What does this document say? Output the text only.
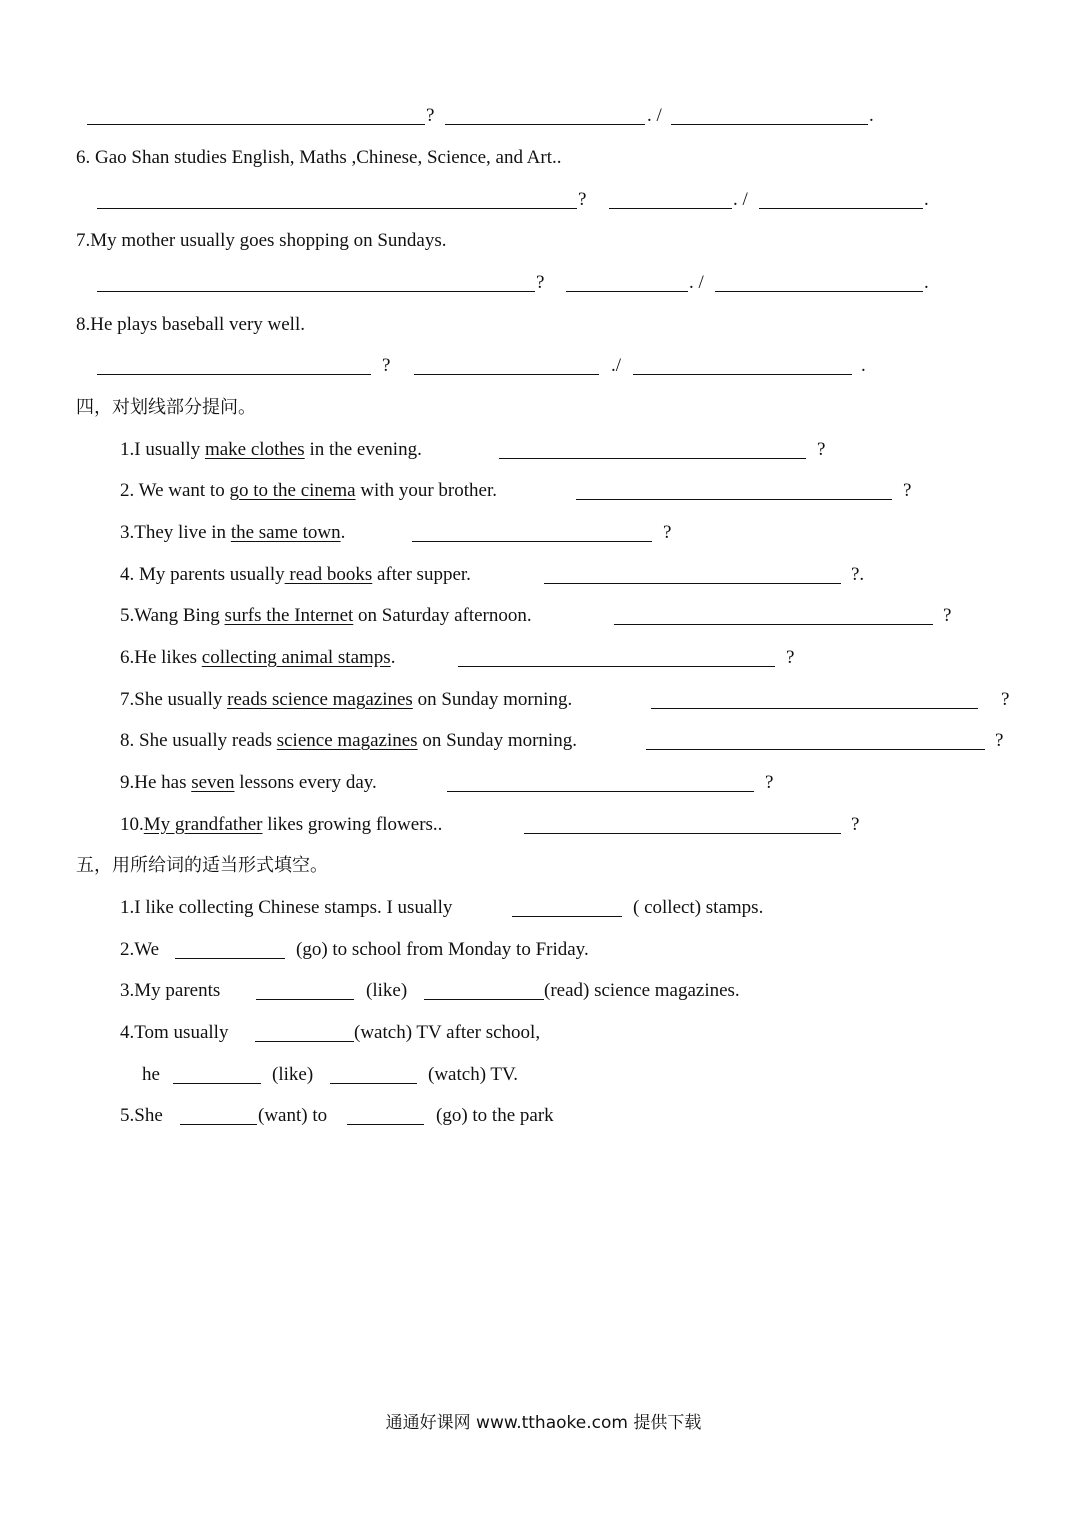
?	. /	.
6. Gao Shan studies English, Maths ,Chinese, Science, and Art..
?	. /	.
7.My mother usually goes shopping on Sundays.
?	. /	.
8.He plays baseball very well.
?	./	.
四，对划线部分提问。
1.I usually make clothes in the evening.	?
2. We want to go to the cinema with your brother.	?
3.They live in the same town.	?
4. My parents usually read books after supper.	?.
5.Wang Bing surfs the Internet on Saturday afternoon.	?
6.He likes collecting animal stamps.	?
7.She usually reads science magazines on Sunday morning.	?
8. She usually reads science magazines on Sunday morning.	?
9.He has seven lessons every day.	?
10.My grandfather likes growing flowers..	?
五，用所给词的适当形式填空。
1.I like collecting Chinese stamps. I usually	( collect) stamps.
2.We	(go) to school from Monday to Friday.
3.My parents	(like)	(read) science magazines.
4.Tom usually	(watch) TV after school,
he	(like)	(watch) TV.
5.She	(want) to	(go) to the park
通通好课网 www.tthaoke.com 提供下载
